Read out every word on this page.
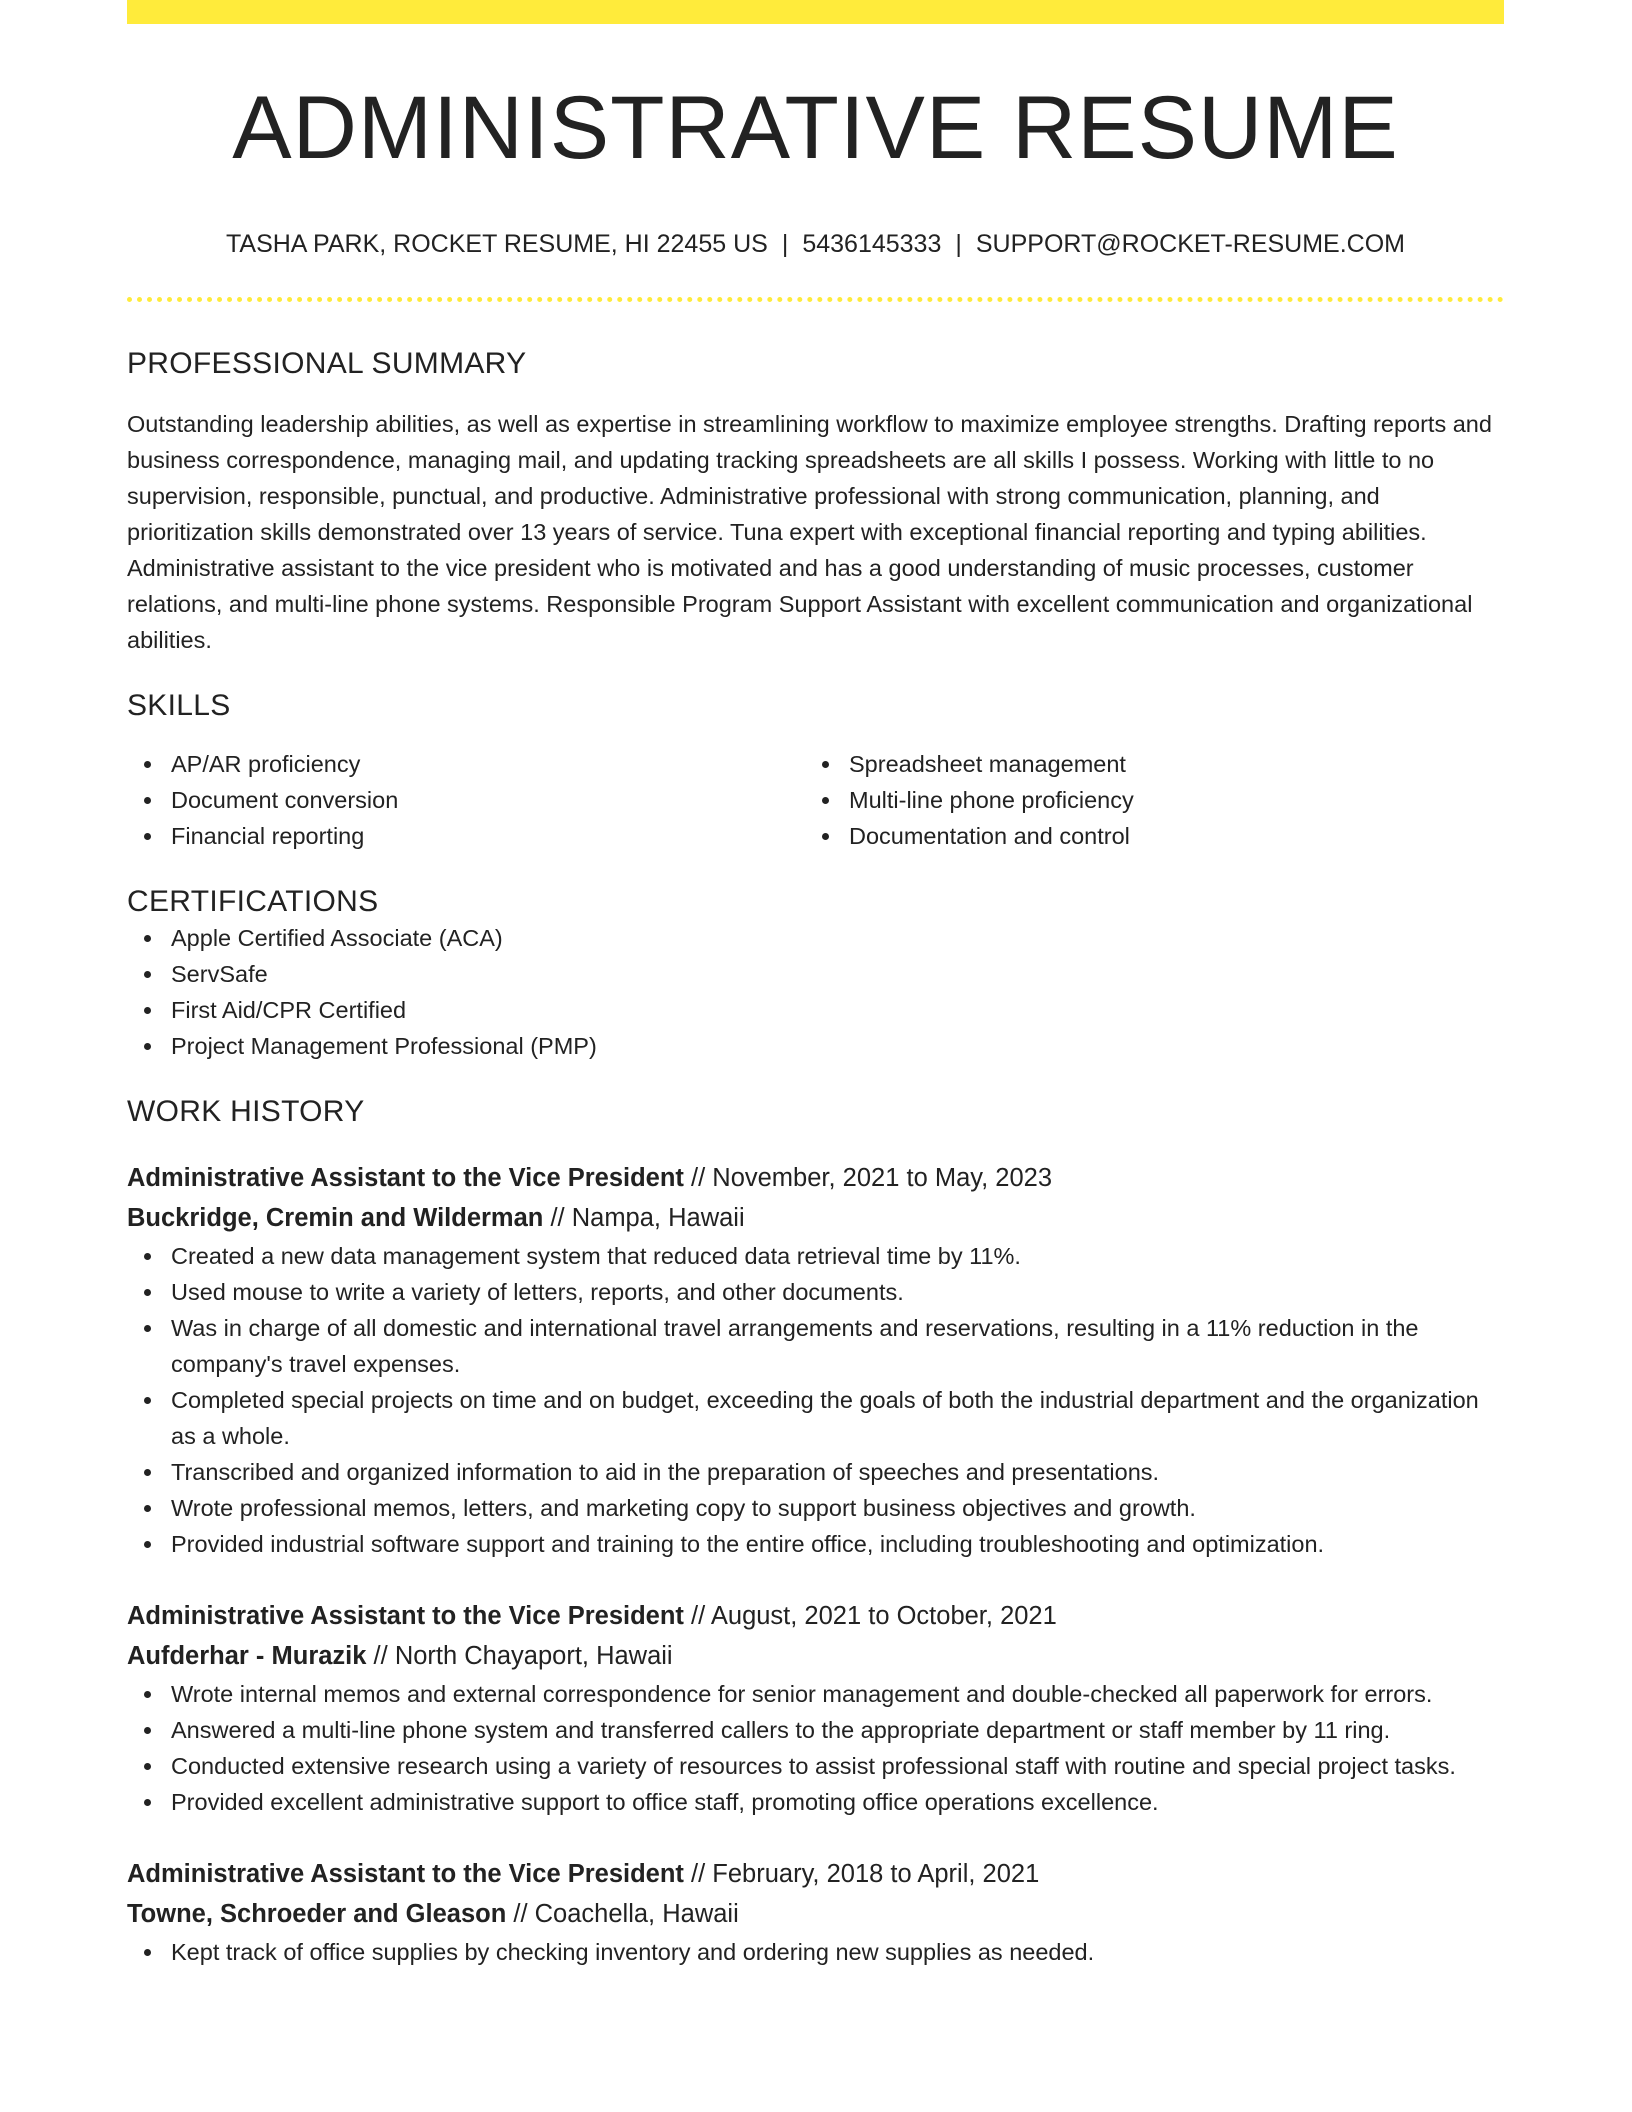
ADMINISTRATIVE RESUME
TASHA PARK, ROCKET RESUME, HI 22455 US | 5436145333 | SUPPORT@ROCKET-RESUME.COM
PROFESSIONAL SUMMARY

Outstanding leadership abilities, as well as expertise in streamlining workflow to maximize employee strengths. Drafting reports and business correspondence, managing mail, and updating tracking spreadsheets are all skills I possess. Working with little to no supervision, responsible, punctual, and productive. Administrative professional with strong communication, planning, and prioritization skills demonstrated over 13 years of service. Tuna expert with exceptional financial reporting and typing abilities. Administrative assistant to the vice president who is motivated and has a good understanding of music processes, customer relations, and multi-line phone systems. Responsible Program Support Assistant with excellent communication and organizational abilities.

SKILLS
AP/AR proficiency
Document conversion
Financial reporting
Spreadsheet management
Multi-line phone proficiency
Documentation and control
CERTIFICATIONS
Apple Certified Associate (ACA)
ServSafe
First Aid/CPR Certified
Project Management Professional (PMP)
WORK HISTORY
Administrative Assistant to the Vice President // November, 2021 to May, 2023
Buckridge, Cremin and Wilderman // Nampa, Hawaii
Created a new data management system that reduced data retrieval time by 11%.
Used mouse to write a variety of letters, reports, and other documents.
Was in charge of all domestic and international travel arrangements and reservations, resulting in a 11% reduction in the company's travel expenses.
Completed special projects on time and on budget, exceeding the goals of both the industrial department and the organization as a whole.
Transcribed and organized information to aid in the preparation of speeches and presentations.
Wrote professional memos, letters, and marketing copy to support business objectives and growth.
Provided industrial software support and training to the entire office, including troubleshooting and optimization.
Administrative Assistant to the Vice President // August, 2021 to October, 2021
Aufderhar - Murazik // North Chayaport, Hawaii
Wrote internal memos and external correspondence for senior management and double-checked all paperwork for errors.
Answered a multi-line phone system and transferred callers to the appropriate department or staff member by 11 ring.
Conducted extensive research using a variety of resources to assist professional staff with routine and special project tasks.
Provided excellent administrative support to office staff, promoting office operations excellence.
Administrative Assistant to the Vice President // February, 2018 to April, 2021
Towne, Schroeder and Gleason // Coachella, Hawaii
Kept track of office supplies by checking inventory and ordering new supplies as needed.
